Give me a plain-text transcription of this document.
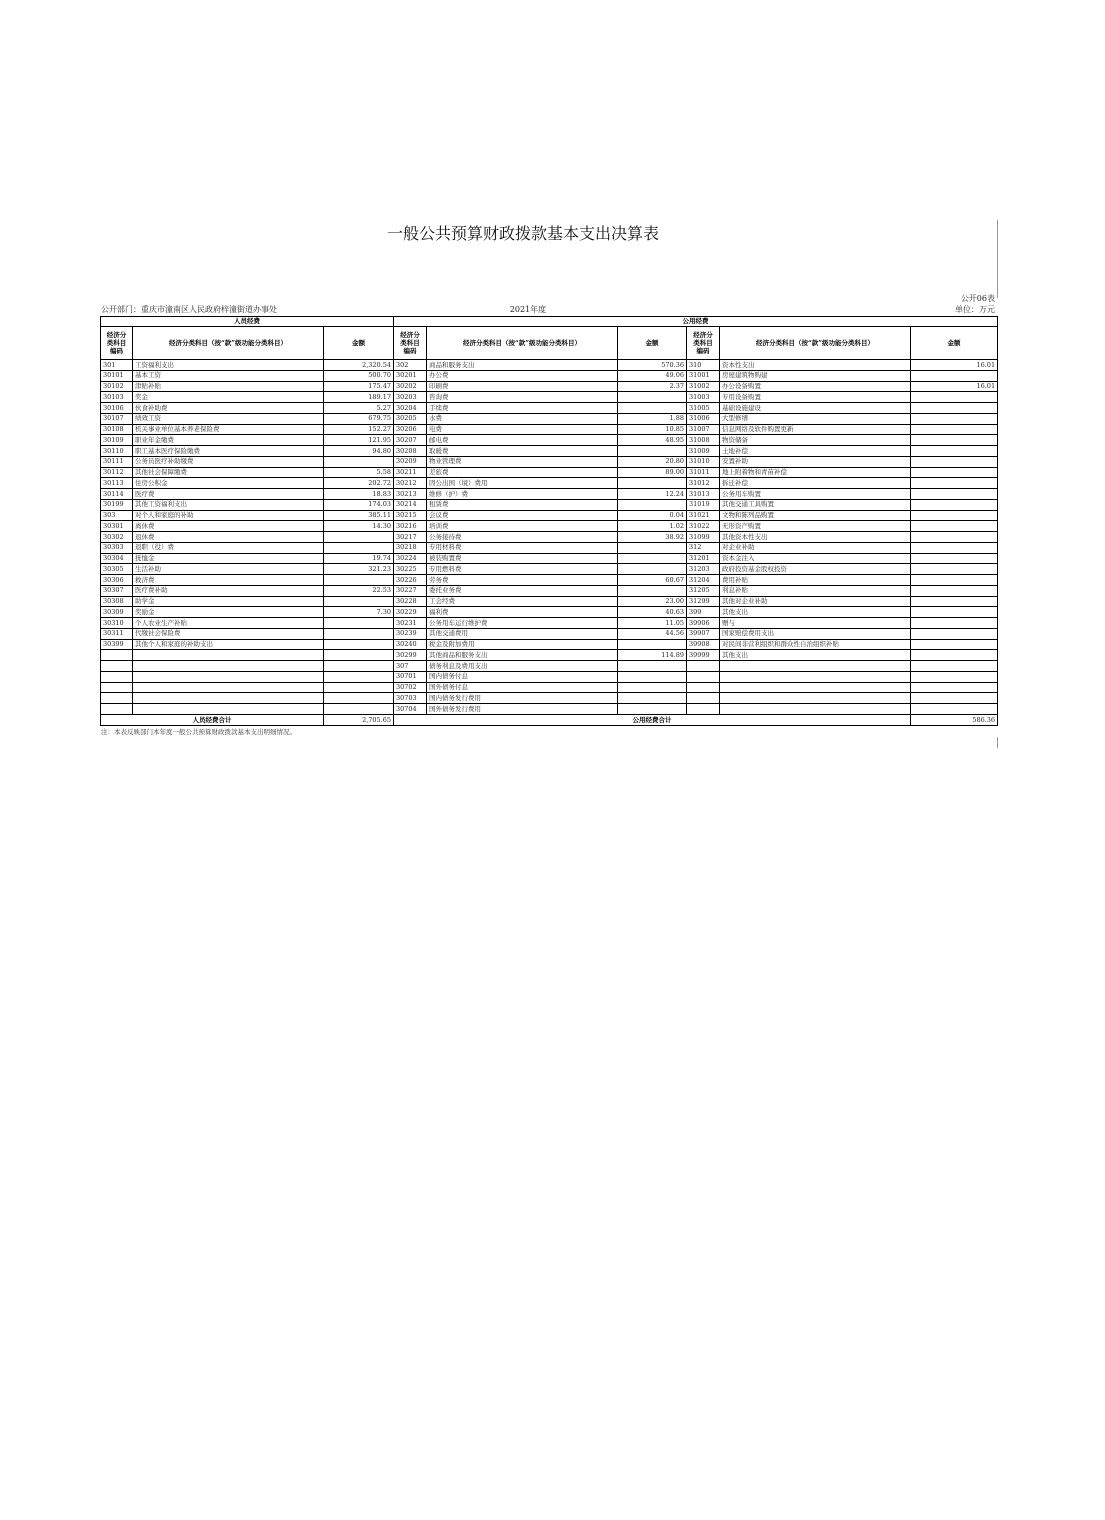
一般公共预算财政拨款基本支出决算表
公开06表
公开部门：重庆市潼南区人民政府梓潼街道办事处	2021年度	单位：万元
人员经费			公用经费					
经济分类科目编码	经济分类科目（按“款”级功能分类科目）	金额	经济分类科目编码	经济分类科目（按“款”级功能分类科目）	金额	经济分类科目编码	经济分类科目（按“款”级功能分类科目）	金额
301	工资福利支出	2,320.54	302	商品和服务支出	570.36	310	资本性支出	16.01
30101	基本工资	500.70	30201	办公费	49.06	31001	房屋建筑物购建	
30102	津贴补贴	175.47	30202	印刷费	2.37	31002	办公设备购置	16.01
30103	奖金	189.17	30203	咨询费		31003	专用设备购置	
30106	伙食补助费	5.27	30204	手续费		31005	基础设施建设	
30107	绩效工资	679.75	30205	水费	1.88	31006	大型修缮	
30108	机关事业单位基本养老保险费	152.27	30206	电费	10.85	31007	信息网络及软件购置更新	
30109	职业年金缴费	121.95	30207	邮电费	48.95	31008	物资储备	
30110	职工基本医疗保险缴费	94.80	30208	取暖费		31009	土地补偿	
30111	公务员医疗补助缴费		30209	物业管理费	20.80	31010	安置补助	
30112	其他社会保障缴费	5.58	30211	差旅费	89.00	31011	地上附着物和青苗补偿	
30113	住房公积金	202.72	30212	因公出国（境）费用		31012	拆迁补偿	
30114	医疗费	18.83	30213	维修（护）费	12.24	31013	公务用车购置	
30199	其他工资福利支出	174.03	30214	租赁费		31019	其他交通工具购置	
303	对个人和家庭的补助	385.11	30215	会议费	0.04	31021	文物和陈列品购置	
30301	离休费	14.30	30216	培训费	1.02	31022	无形资产购置	
30302	退休费		30217	公务接待费	38.92	31099	其他资本性支出	
30303	退职（役）费		30218	专用材料费		312	对企业补助	
30304	抚恤金	19.74	30224	被装购置费		31201	资本金注入	
30305	生活补助	321.23	30225	专用燃料费		31203	政府投资基金股权投资	
30306	救济费		30226	劳务费	60.67	31204	费用补贴	
30307	医疗费补助	22.53	30227	委托业务费		31205	利息补贴	
30308	助学金		30228	工会经费	23.00	31299	其他对企业补助	
30309	奖励金	7.30	30229	福利费	40.63	399	其他支出	
30310	个人农业生产补贴		30231	公务用车运行维护费	11.05	39906	赠与	
30311	代缴社会保险费		30239	其他交通费用	44.56	39907	国家赔偿费用支出	
30399	其他个人和家庭的补助支出		30240	税金及附加费用		39908	对民间非营利组织和群众性自治组织补贴	
			30299	其他商品和服务支出	114.89	39999	其他支出	
			307	债务利息及费用支出				
			30701	国内债务付息				
			30702	国外债务付息				
			30703	国内债务发行费用				
			30704	国外债务发行费用				
人员经费合计		2,705.65	公用经费合计					586.36
注：本表反映部门本年度一般公共预算财政拨款基本支出明细情况。
